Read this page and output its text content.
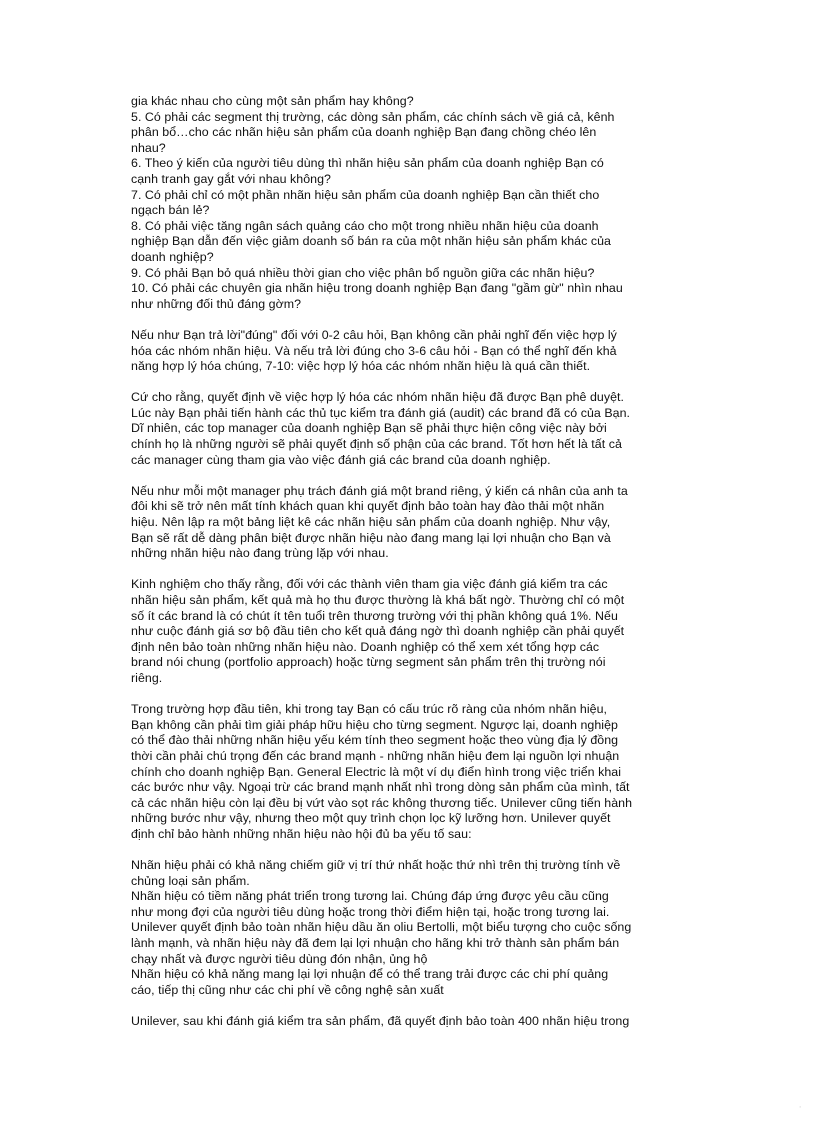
gia khác nhau cho cùng một sản phẩm hay không?
5. Có phải các segment thị trường, các dòng sản phẩm, các chính sách về giá cả, kênh
phân bổ…cho các nhãn hiệu sản phẩm của doanh nghiệp Bạn đang chồng chéo lên
nhau?
6. Theo ý kiến của người tiêu dùng thì nhãn hiệu sản phẩm của doanh nghiệp Bạn có
cạnh tranh gay gắt với nhau không?
7. Có phải chỉ có một phần nhãn hiệu sản phẩm của doanh nghiệp Bạn cần thiết cho
ngạch bán lẻ?
8. Có phải việc tăng ngân sách quảng cáo cho một trong nhiều nhãn hiệu của doanh
nghiệp Bạn dẫn đến việc giảm doanh số bán ra của một nhãn hiệu sản phẩm khác của
doanh nghiệp?
9. Có phải Bạn bỏ quá nhiều thời gian cho việc phân bổ nguồn giữa các nhãn hiệu?
10. Có phải các chuyên gia nhãn hiệu trong doanh nghiệp Bạn đang "gầm gừ" nhìn nhau
như những đối thủ đáng gờm?
Nếu như Bạn trả lời"đúng" đối với 0-2 câu hỏi, Bạn không cần phải nghĩ đến việc hợp lý
hóa các nhóm nhãn hiệu. Và nếu trả lời đúng cho 3-6 câu hỏi - Bạn có thể nghĩ đến khả
năng hợp lý hóa chúng, 7-10: việc hợp lý hóa các nhóm nhãn hiệu là quá cần thiết.
Cứ cho rằng, quyết định về việc hợp lý hóa các nhóm nhãn hiệu đã được Bạn phê duyệt.
Lúc này Bạn phải tiến hành các thủ tục kiểm tra đánh giá (audit) các brand đã có của Bạn.
Dĩ nhiên, các top manager của doanh nghiệp Bạn sẽ phải thực hiện công việc này bởi
chính họ là những người sẽ phải quyết định số phận của các brand. Tốt hơn hết là tất cả
các manager cùng tham gia vào việc đánh giá các brand của doanh nghiệp.
Nếu như mỗi một manager phụ trách đánh giá một brand riêng, ý kiến cá nhân của anh ta
đôi khi sẽ trở nên mất tính khách quan khi quyết định bảo toàn hay đào thải một nhãn
hiệu. Nên lập ra một bảng liệt kê các nhãn hiệu sản phẩm của doanh nghiệp. Như vậy,
Bạn sẽ rất dễ dàng phân biệt được nhãn hiệu nào đang mang lại lợi nhuận cho Bạn và
những nhãn hiệu nào đang trùng lặp với nhau.
Kinh nghiệm cho thấy rằng, đối với các thành viên tham gia việc đánh giá kiểm tra các
nhãn hiệu sản phẩm, kết quả mà họ thu được thường là khá bất ngờ. Thường chỉ có một
số ít các brand là có chút ít tên tuổi trên thương trường với thị phần không quá 1%. Nếu
như cuộc đánh giá sơ bộ đầu tiên cho kết quả đáng ngờ thì doanh nghiệp cần phải quyết
định nên bảo toàn những nhãn hiệu nào. Doanh nghiệp có thể xem xét tổng hợp các
brand nói chung (portfolio approach) hoặc từng segment sản phẩm trên thị trường nói
riêng.
Trong trường hợp đầu tiên, khi trong tay Bạn có cấu trúc rõ ràng của nhóm nhãn hiệu,
Bạn không cần phải tìm giải pháp hữu hiệu cho từng segment. Ngược lại, doanh nghiệp
có thể đào thải những nhãn hiệu yếu kém tính theo segment hoặc theo vùng địa lý đồng
thời cần phải chú trọng đến các brand mạnh - những nhãn hiệu đem lại nguồn lợi nhuận
chính cho doanh nghiệp Bạn. General Electric là một ví dụ điển hình trong việc triển khai
các bước như vậy. Ngoại trừ các brand mạnh nhất nhì trong dòng sản phẩm của mình, tất
cả các nhãn hiệu còn lại đều bị vứt vào sọt rác không thương tiếc. Unilever cũng tiến hành
những bước như vậy, nhưng theo một quy trình chọn lọc kỹ lưỡng hơn. Unilever quyết
định chỉ bảo hành những nhãn hiệu nào hội đủ ba yếu tố sau:
Nhãn hiệu phải có khả năng chiếm giữ vị trí thứ nhất hoặc thứ nhì trên thị trường tính về
chủng loại sản phẩm.
Nhãn hiệu có tiềm năng phát triển trong tương lai. Chúng đáp ứng được yêu cầu cũng
như mong đợi của người tiêu dùng hoặc trong thời điểm hiện tại, hoặc trong tương lai.
Unilever quyết định bảo toàn nhãn hiệu dầu ăn oliu Bertolli, một biểu tượng cho cuộc sống
lành mạnh, và nhãn hiệu này đã đem lại lợi nhuận cho hãng khi trở thành sản phẩm bán
chạy nhất và được người tiêu dùng đón nhận, ủng hộ
Nhãn hiệu có khả năng mang lại lợi nhuận để có thể trang trải được các chi phí quảng
cáo, tiếp thị cũng như các chi phí về công nghệ sản xuất
Unilever, sau khi đánh giá kiểm tra sản phẩm, đã quyết định bảo toàn 400 nhãn hiệu trong
·
